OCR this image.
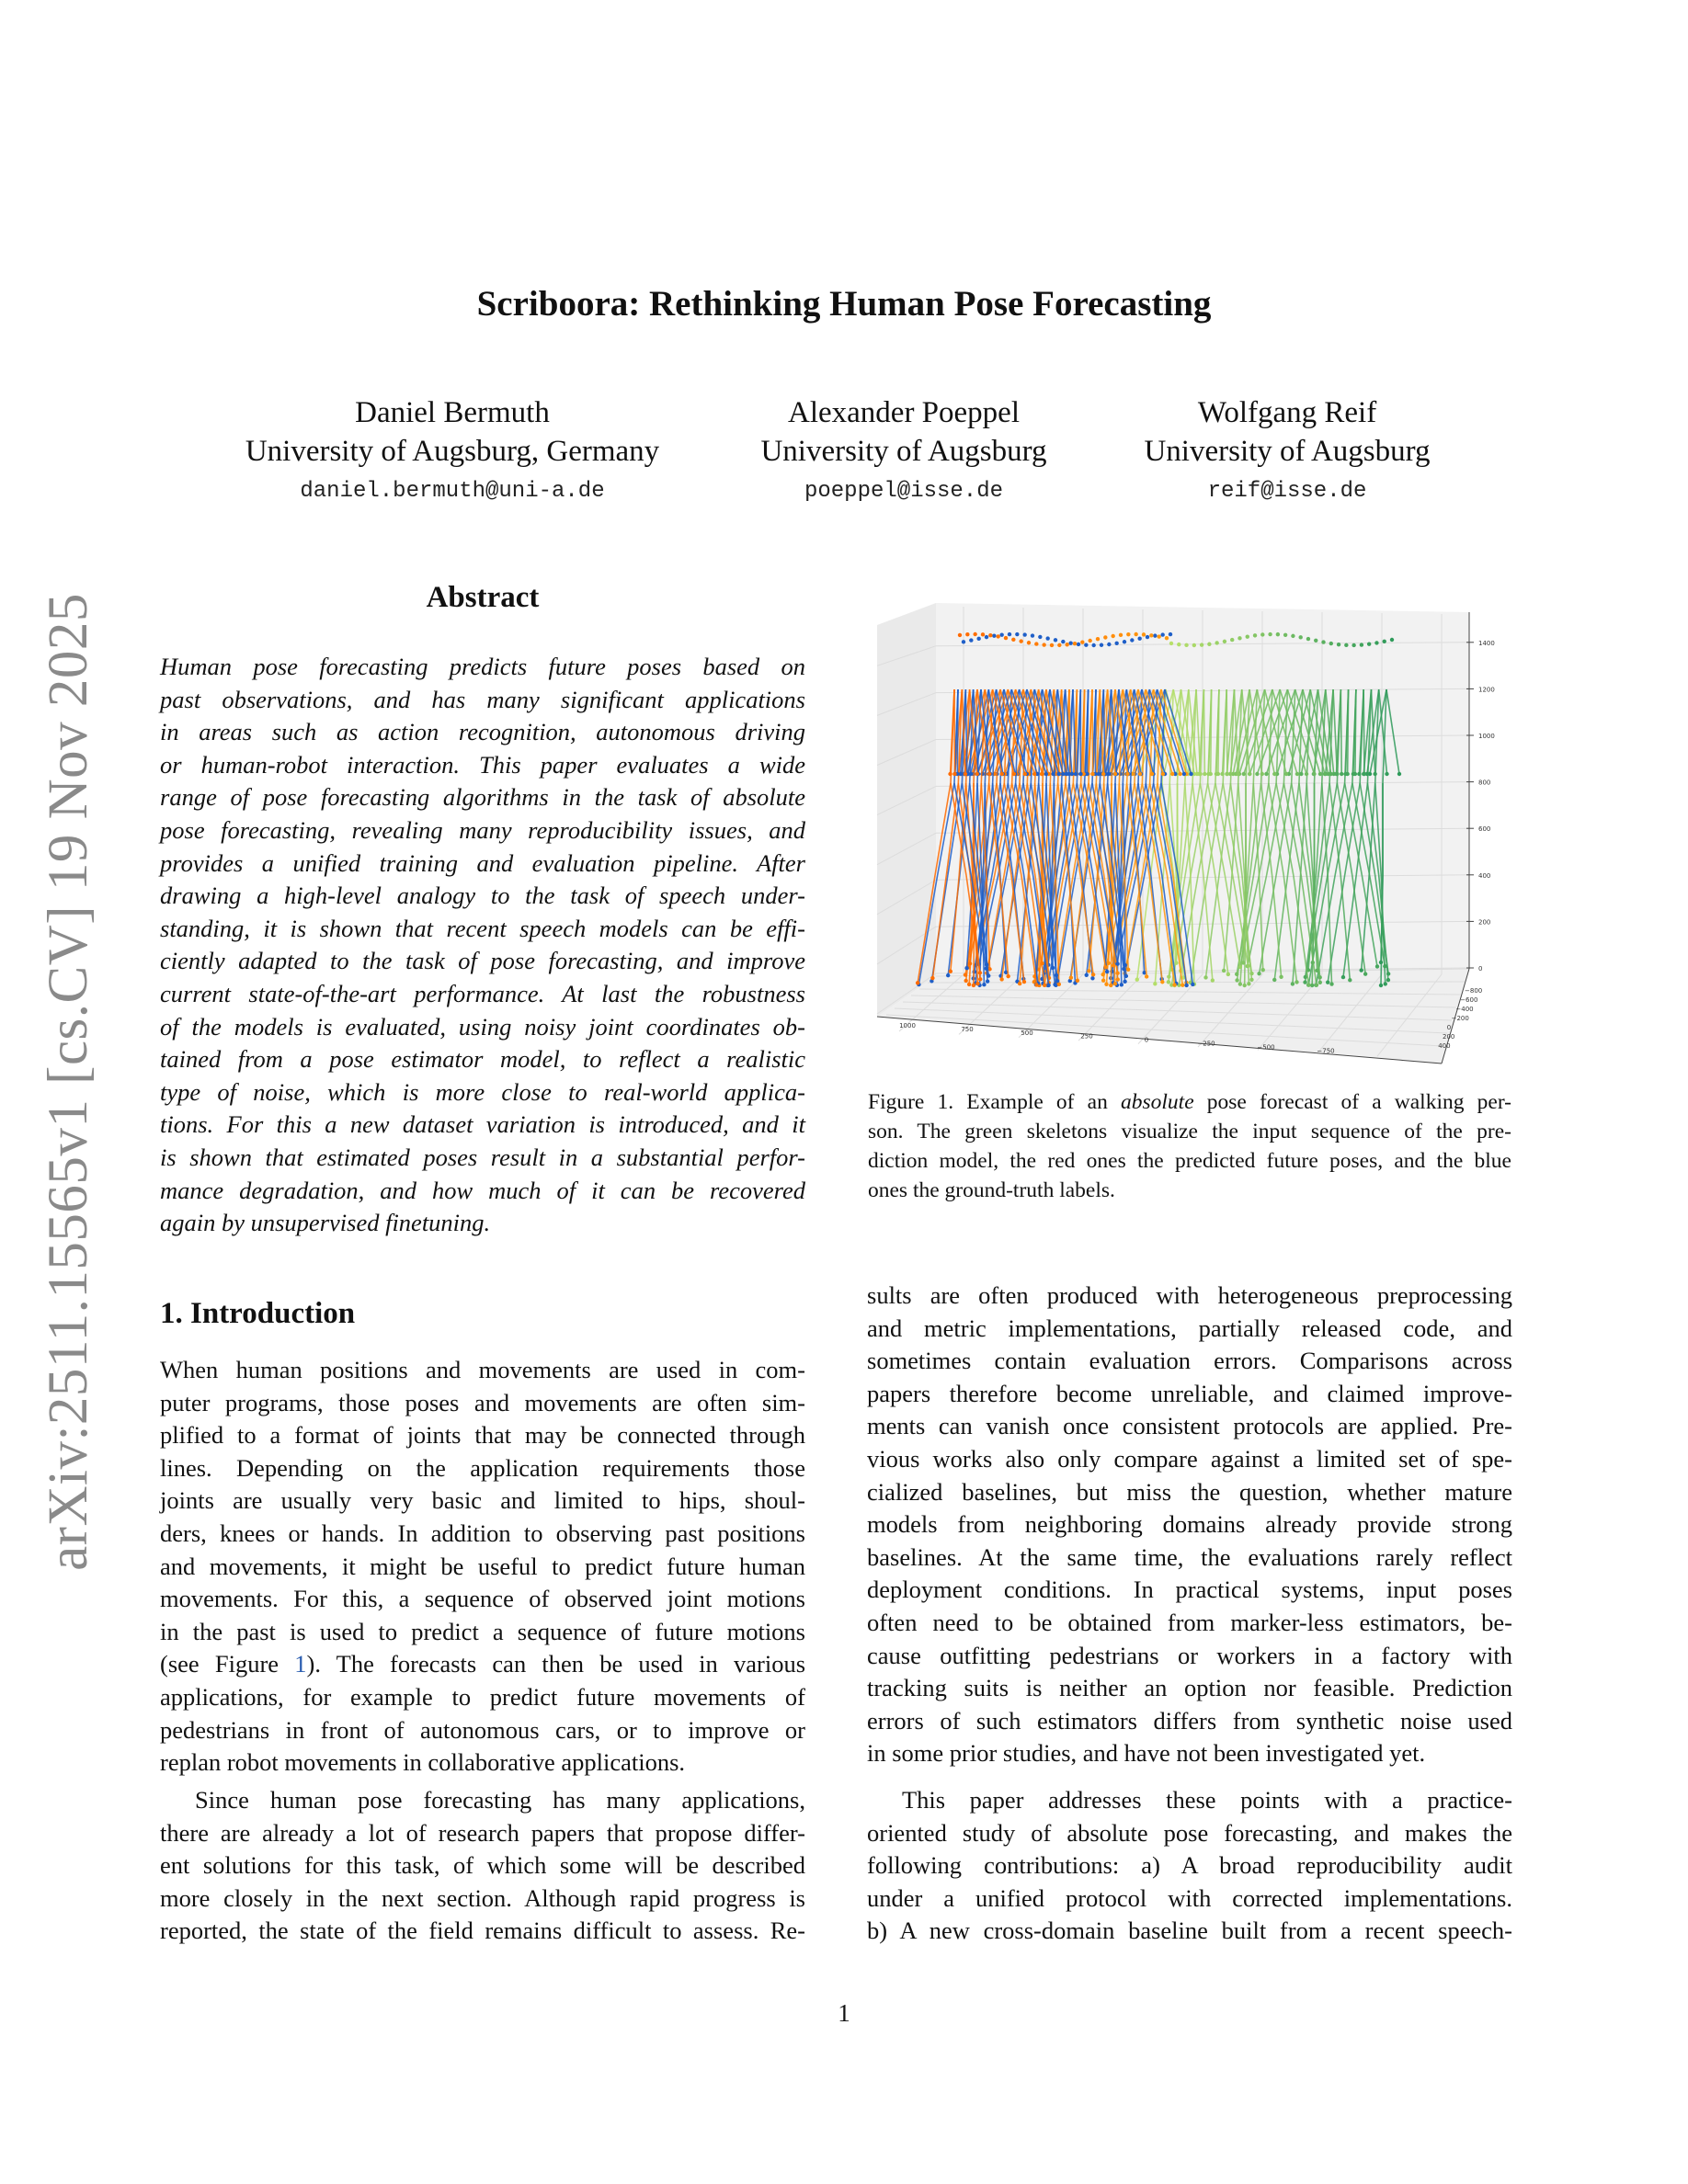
arXiv:2511.15565v1 [cs.CV] 19 Nov 2025
Scriboora: Rethinking Human Pose Forecasting
Daniel Bermuth
University of Augsburg, Germany
daniel.bermuth@uni-a.de
Alexander Poeppel
University of Augsburg
poeppel@isse.de
Wolfgang Reif
University of Augsburg
reif@isse.de
Abstract
Human pose forecasting predicts future poses based on
past observations, and has many significant applications
in areas such as action recognition, autonomous driving
or human-robot interaction. This paper evaluates a wide
range of pose forecasting algorithms in the task of absolute
pose forecasting, revealing many reproducibility issues, and
provides a unified training and evaluation pipeline. After
drawing a high-level analogy to the task of speech under-
standing, it is shown that recent speech models can be effi-
ciently adapted to the task of pose forecasting, and improve
current state-of-the-art performance. At last the robustness
of the models is evaluated, using noisy joint coordinates ob-
tained from a pose estimator model, to reflect a realistic
type of noise, which is more close to real-world applica-
tions. For this a new dataset variation is introduced, and it
is shown that estimated poses result in a substantial perfor-
mance degradation, and how much of it can be recovered
again by unsupervised finetuning.
0
200
400
600
800
1000
1200
1400
1000	750	500	250	0	−250	−500	−750
−800
−600
−400
−200
0
200
400
Figure 1. Example of an absolute pose forecast of a walking per-
son. The green skeletons visualize the input sequence of the pre-
diction model, the red ones the predicted future poses, and the blue
ones the ground-truth labels.
1. Introduction
When human positions and movements are used in com-
puter programs, those poses and movements are often sim-
plified to a format of joints that may be connected through
lines. Depending on the application requirements those
joints are usually very basic and limited to hips, shoul-
ders, knees or hands. In addition to observing past positions
and movements, it might be useful to predict future human
movements. For this, a sequence of observed joint motions
in the past is used to predict a sequence of future motions
(see Figure 1). The forecasts can then be used in various
applications, for example to predict future movements of
pedestrians in front of autonomous cars, or to improve or
replan robot movements in collaborative applications.
Since human pose forecasting has many applications,
there are already a lot of research papers that propose differ-
ent solutions for this task, of which some will be described
more closely in the next section. Although rapid progress is
reported, the state of the field remains difficult to assess. Re-
sults are often produced with heterogeneous preprocessing
and metric implementations, partially released code, and
sometimes contain evaluation errors. Comparisons across
papers therefore become unreliable, and claimed improve-
ments can vanish once consistent protocols are applied. Pre-
vious works also only compare against a limited set of spe-
cialized baselines, but miss the question, whether mature
models from neighboring domains already provide strong
baselines. At the same time, the evaluations rarely reflect
deployment conditions. In practical systems, input poses
often need to be obtained from marker-less estimators, be-
cause outfitting pedestrians or workers in a factory with
tracking suits is neither an option nor feasible. Prediction
errors of such estimators differs from synthetic noise used
in some prior studies, and have not been investigated yet.
This paper addresses these points with a practice-
oriented study of absolute pose forecasting, and makes the
following contributions: a) A broad reproducibility audit
under a unified protocol with corrected implementations.
b) A new cross-domain baseline built from a recent speech-
1
